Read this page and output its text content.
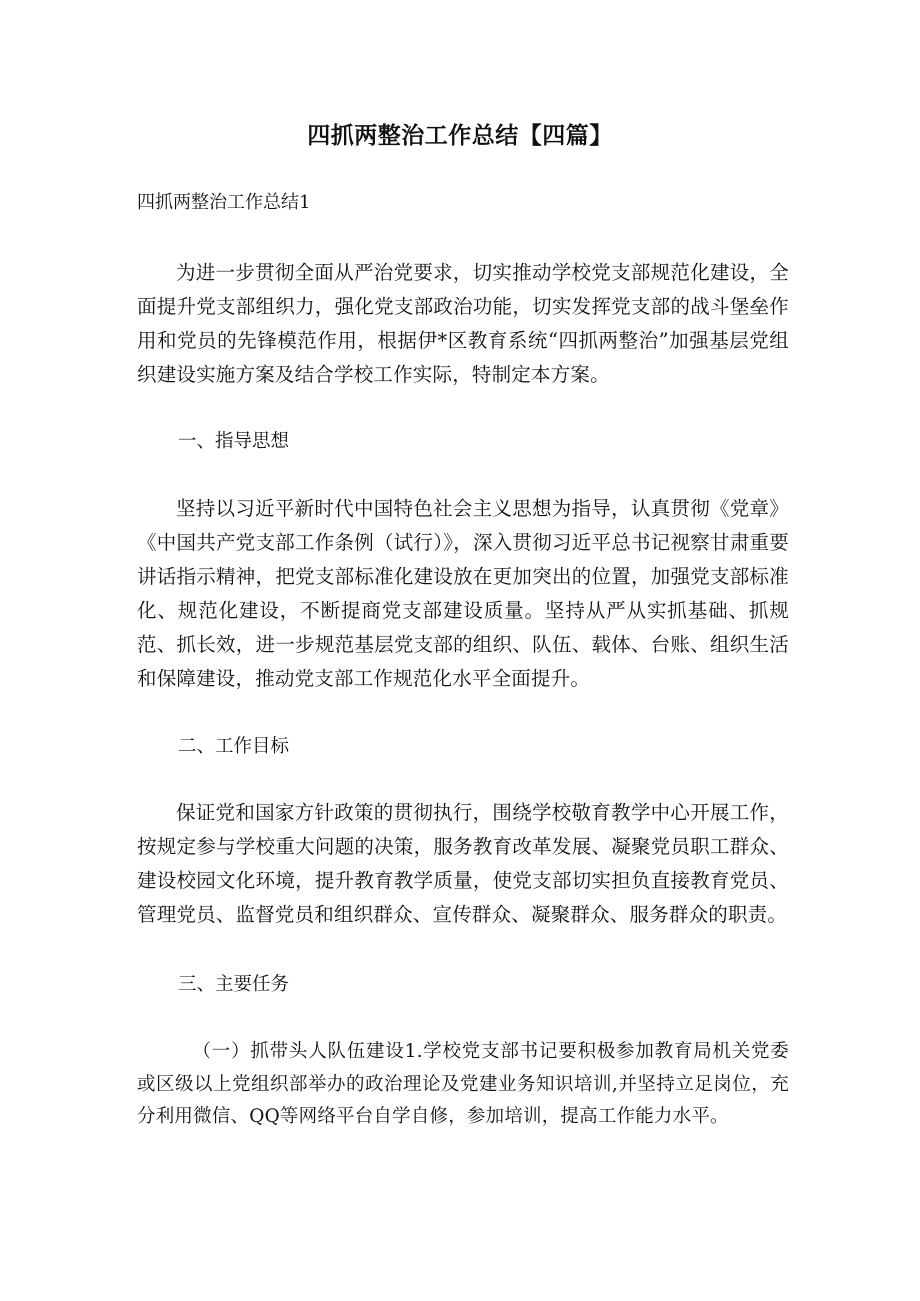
四抓两整治工作总结【四篇】

四抓两整治工作总结1

为进一步贯彻全面从严治党要求，切实推动学校党支部规范化建设，全面提升党支部组织力，强化党支部政治功能，切实发挥党支部的战斗堡垒作用和党员的先锋模范作用，根据伊*区教育系统“四抓两整治”加强基层党组织建设实施方案及结合学校工作实际，特制定本方案。

一、指导思想

坚持以习近平新时代中国特色社会主义思想为指导，认真贯彻《党章》《中国共产党支部工作条例（试行）》，深入贯彻习近平总书记视察甘肃重要讲话指示精神，把党支部标准化建设放在更加突出的位置，加强党支部标准化、规范化建设，不断提商党支部建设质量。坚持从严从实抓基础、抓规范、抓长效，进一步规范基层党支部的组织、队伍、载体、台账、组织生活和保障建设，推动党支部工作规范化水平全面提升。

二、工作目标

保证党和国家方针政策的贯彻执行，围绕学校敬育教学中心开展工作，按规定参与学校重大问题的决策，服务教育改革发展、凝聚党员职工群众、建设校园文化环境，提升教育教学质量，使党支部切实担负直接教育党员、管理党员、监督党员和组织群众、宣传群众、凝聚群众、服务群众的职责。

三、主要任务

（一）抓带头人队伍建设1.学校党支部书记要积极参加教育局机关党委或区级以上党组织部举办的政治理论及党建业务知识培训,并坚持立足岗位，充分利用微信、QQ等网络平台自学自修，参加培训，提高工作能力水平。
